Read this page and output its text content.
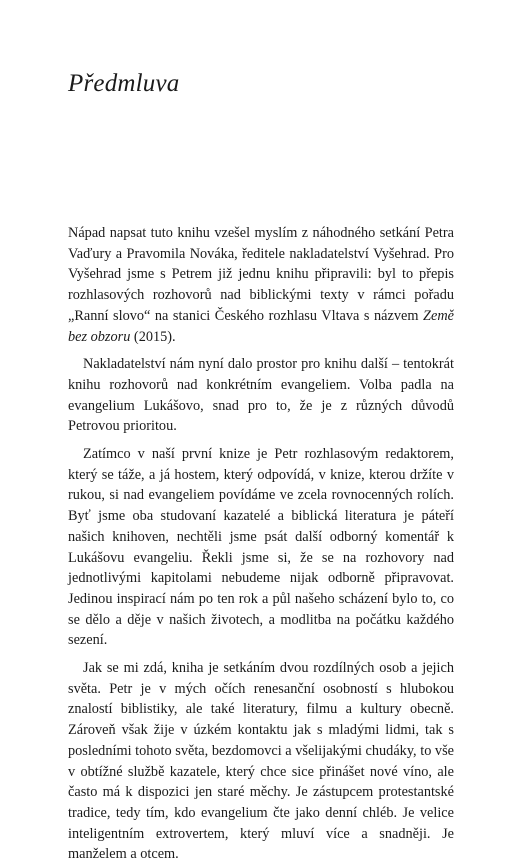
Předmluva

Nápad napsat tuto knihu vzešel myslím z náhodného setkání Petra Vaďury a Pravomila Nováka, ředitele nakladatelství Vyšehrad. Pro Vyšehrad jsme s Petrem již jednu knihu připravili: byl to přepis rozhlasových rozhovorů nad biblickými texty v rámci pořadu „Ranní slovo“ na stanici Českého rozhlasu Vltava s názvem Země bez obzoru (2015).

Nakladatelství nám nyní dalo prostor pro knihu další – tentokrát knihu rozhovorů nad konkrétním evangeliem. Volba padla na evangelium Lukášovo, snad pro to, že je z různých důvodů Petrovou prioritou.

Zatímco v naší první knize je Petr rozhlasovým redaktorem, který se táže, a já hostem, který odpovídá, v knize, kterou držíte v rukou, si nad evangeliem povídáme ve zcela rovnocenných rolích. Byť jsme oba studovaní kazatelé a biblická literatura je páteří našich knihoven, nechtěli jsme psát další odborný komentář k Lukášovu evangeliu. Řekli jsme si, že se na rozhovory nad jednotlivými kapitolami nebudeme nijak odborně připravovat. Jedinou inspirací nám po ten rok a půl našeho scházení bylo to, co se dělo a děje v našich životech, a modlitba na počátku každého sezení.

Jak se mi zdá, kniha je setkáním dvou rozdílných osob a jejich světa. Petr je v mých očích renesanční osobností s hlubokou znalostí biblistiky, ale také literatury, filmu a kultury obecně. Zároveň však žije v úzkém kontaktu jak s mladými lidmi, tak s posledními tohoto světa, bezdomovci a všelijakými chudáky, to vše v obtížné službě kazatele, který chce sice přinášet nové víno, ale často má k dispozici jen staré měchy. Je zástupcem protestantské tradice, tedy tím, kdo evangelium čte jako denní chléb. Je velice inteligentním extrovertem, který mluví více a snadněji. Je manželem a otcem.
